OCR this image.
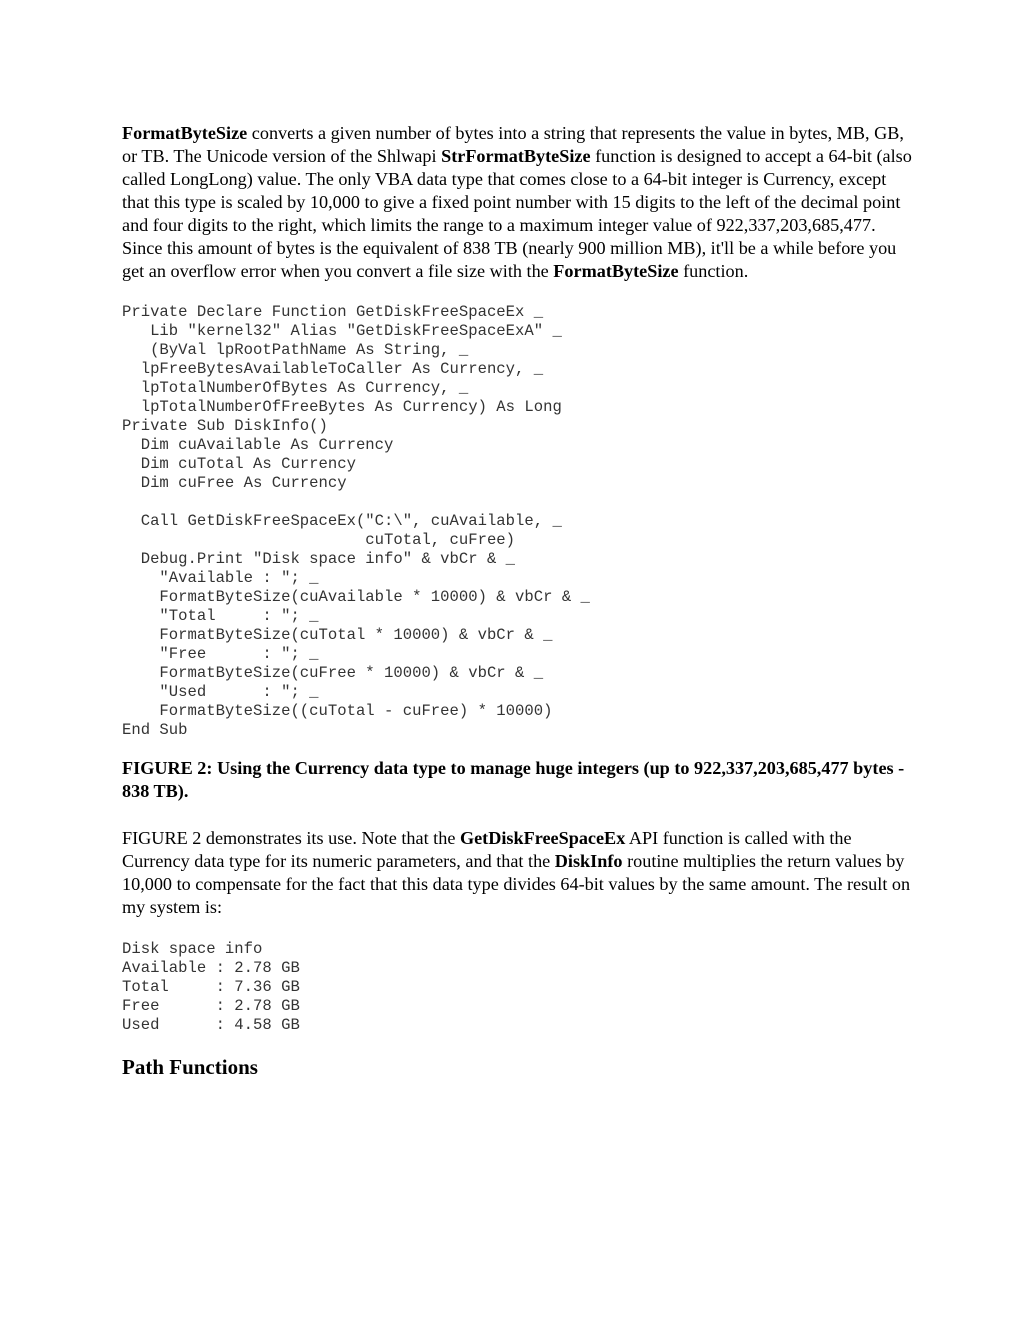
FormatByteSize converts a given number of bytes into a string that represents the value in bytes, MB, GB, or TB. The Unicode version of the Shlwapi StrFormatByteSize function is designed to accept a 64-bit (also called LongLong) value. The only VBA data type that comes close to a 64-bit integer is Currency, except that this type is scaled by 10,000 to give a fixed point number with 15 digits to the left of the decimal point and four digits to the right, which limits the range to a maximum integer value of 922,337,203,685,477. Since this amount of bytes is the equivalent of 838 TB (nearly 900 million MB), it'll be a while before you get an overflow error when you convert a file size with the FormatByteSize function.

Private Declare Function GetDiskFreeSpaceEx _
Lib "kernel32" Alias "GetDiskFreeSpaceExA" _
(ByVal lpRootPathName As String, _
lpFreeBytesAvailableToCaller As Currency, _
lpTotalNumberOfBytes As Currency, _
lpTotalNumberOfFreeBytes As Currency) As Long
Private Sub DiskInfo()
Dim cuAvailable As Currency
Dim cuTotal As Currency
Dim cuFree As Currency
Call GetDiskFreeSpaceEx("C:\", cuAvailable, _
cuTotal, cuFree)
Debug.Print "Disk space info" & vbCr & _
"Available : "; _
FormatByteSize(cuAvailable * 10000) & vbCr & _
"Total     : "; _
FormatByteSize(cuTotal * 10000) & vbCr & _
"Free      : "; _
FormatByteSize(cuFree * 10000) & vbCr & _
"Used      : "; _
FormatByteSize((cuTotal - cuFree) * 10000)
End Sub

FIGURE 2: Using the Currency data type to manage huge integers (up to 922,337,203,685,477 bytes - 838 TB).

FIGURE 2 demonstrates its use. Note that the GetDiskFreeSpaceEx API function is called with the Currency data type for its numeric parameters, and that the DiskInfo routine multiplies the return values by 10,000 to compensate for the fact that this data type divides 64-bit values by the same amount. The result on my system is:

Disk space info
Available : 2.78 GB
Total     : 7.36 GB
Free      : 2.78 GB
Used      : 4.58 GB
Path Functions
